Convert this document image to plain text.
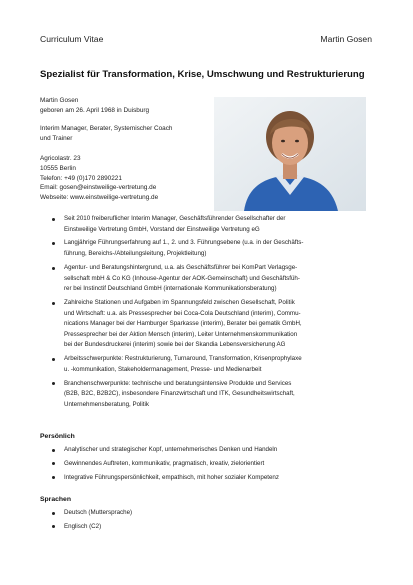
Curriculum Vitae	Martin Gosen
Spezialist für Transformation, Krise, Umschwung und Restrukturierung
Martin Gosen
geboren am 26. April 1968 in Duisburg
Interim Manager, Berater, Systemischer Coach
und Trainer
Agricolastr. 23
10555 Berlin
Telefon: +49 (0)170 2890221
Email: gosen@einstweilige-vertretung.de
Webseite: www.einstweilige-vertretung.de
Seit 2010 freiberuflicher Interim Manager, Geschäftsführender Gesellschafter der
Einstweilige Vertretung GmbH, Vorstand der Einstweilige Vertretung eG
Langjährige Führungserfahrung auf 1., 2. und 3. Führungsebene (u.a. in der Geschäfts-
führung, Bereichs-/Abteilungsleitung, Projektleitung)
Agentur- und Beratungshintergrund, u.a. als Geschäftsführer bei KomPart Verlagsge-
sellschaft mbH & Co KG (Inhouse-Agentur der AOK-Gemeinschaft) und Geschäftsfüh-
rer bei Instinctif Deutschland GmbH (internationale Kommunikationsberatung)
Zahlreiche Stationen und Aufgaben im Spannungsfeld zwischen Gesellschaft, Politik
und Wirtschaft: u.a. als Pressesprecher bei Coca-Cola Deutschland (interim), Commu-
nications Manager bei der Hamburger Sparkasse (interim), Berater bei gematik GmbH,
Pressesprecher bei der Aktion Mensch (interim), Leiter Unternehmenskommunikation
bei der Bundesdruckerei (interim) sowie bei der Skandia Lebensversicherung AG
Arbeitsschwerpunkte: Restrukturierung, Turnaround, Transformation, Krisenprophylaxe
u. -kommunikation, Stakeholdermanagement, Presse- und Medienarbeit
Branchenschwerpunkte: technische und beratungsintensive Produkte und Services
(B2B, B2C, B2B2C), insbesondere Finanzwirtschaft und ITK, Gesundheitswirtschaft,
Unternehmensberatung, Politik
Persönlich
Analytischer und strategischer Kopf, unternehmerisches Denken und Handeln
Gewinnendes Auftreten, kommunikativ, pragmatisch, kreativ, zielorientiert
Integrative Führungspersönlichkeit, empathisch, mit hoher sozialer Kompetenz
Sprachen
Deutsch (Muttersprache)
Englisch (C2)
